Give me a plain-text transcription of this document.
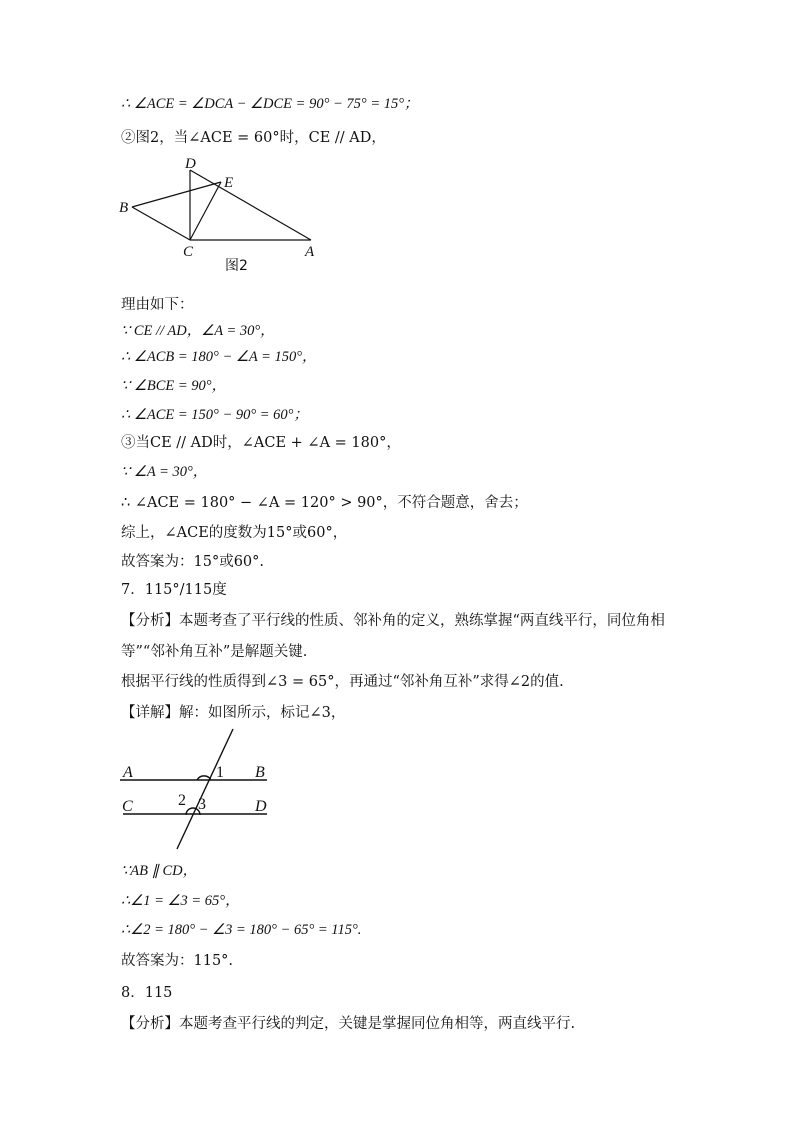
∴ ∠ACE = ∠DCA − ∠DCE = 90° − 75° = 15°；
②图2，当∠ACE = 60°时，CE // AD，
D
E
B
C	A
图2
理由如下：
∵ CE // AD，∠A = 30°，
∴ ∠ACB = 180° − ∠A = 150°，
∵ ∠BCE = 90°，
∴ ∠ACE = 150° − 90° = 60°；
③当CE // AD时，∠ACE + ∠A = 180°，
∵ ∠A = 30°，
∴ ∠ACE = 180° − ∠A = 120° > 90°，不符合题意，舍去；
综上，∠ACE的度数为15°或60°，
故答案为：15°或60°.
7．115°/115度
【分析】本题考查了平行线的性质、邻补角的定义，熟练掌握“两直线平行，同位角相
等”“邻补角互补”是解题关键.
根据平行线的性质得到∠3 = 65°，再通过“邻补角互补”求得∠2的值.
【详解】解：如图所示，标记∠3，
A	B
C	D
1
2 3
∵AB ∥ CD，
∴∠1 = ∠3 = 65°，
∴∠2 = 180° − ∠3 = 180° − 65° = 115°.
故答案为：115°.
8．115
【分析】本题考查平行线的判定，关键是掌握同位角相等，两直线平行.
